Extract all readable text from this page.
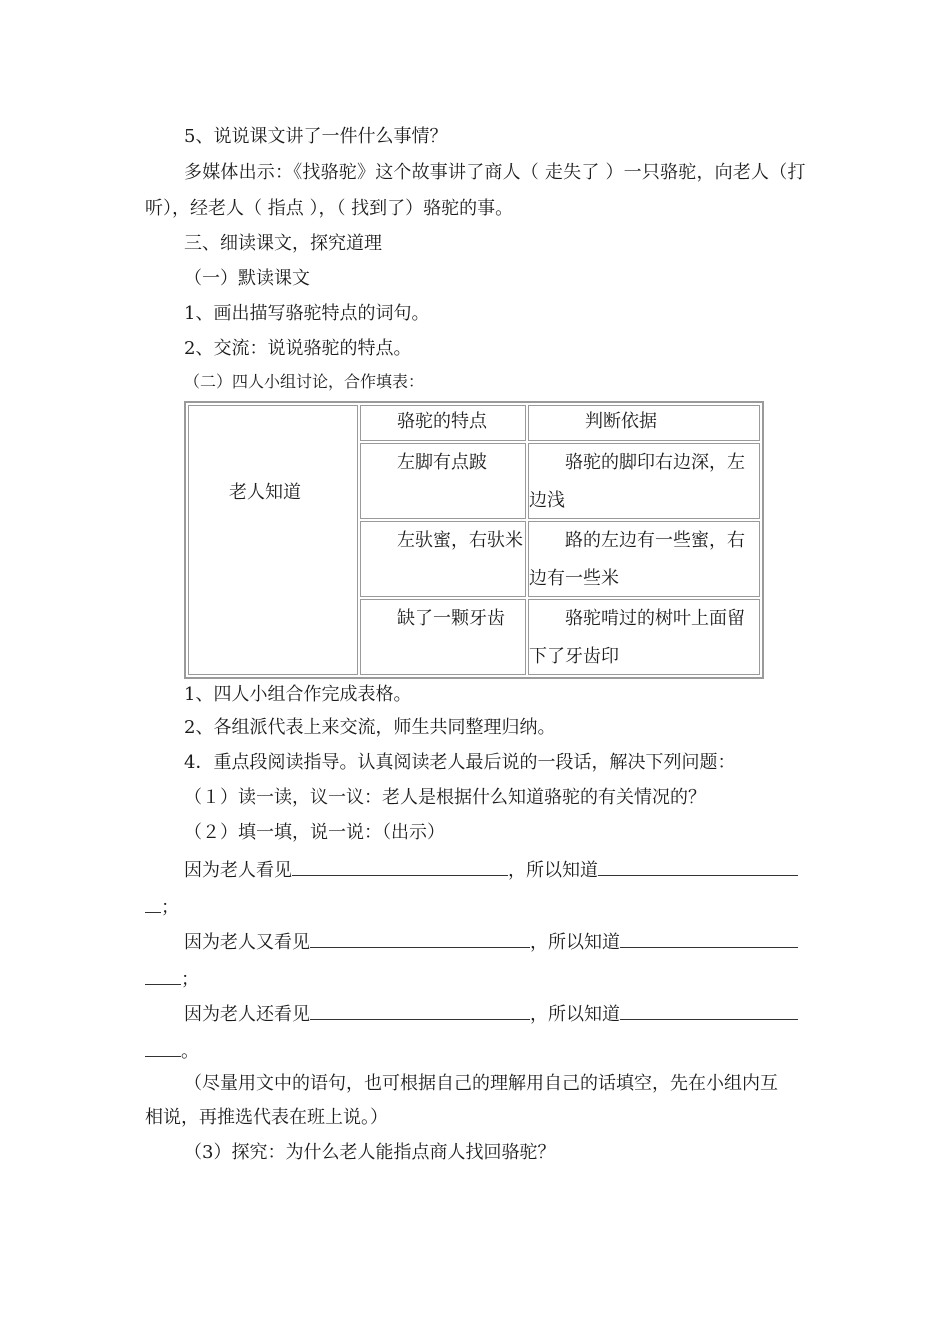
5、说说课文讲了一件什么事情？
多媒体出示：《找骆驼》这个故事讲了商人（ 走失了 ）一只骆驼，向老人（打
听），经老人（ 指点 ），（ 找到了）骆驼的事。
三、细读课文，探究道理
（一）默读课文
1、画出描写骆驼特点的词句。
2、交流：说说骆驼的特点。
（二）四人小组讨论，合作填表：
老人知道
骆驼的特点	判断依据
左脚有点跛	骆驼的脚印右边深，左
边浅
左驮蜜，右驮米	路的左边有一些蜜，右
边有一些米
缺了一颗牙齿	骆驼啃过的树叶上面留
下了牙齿印
1、四人小组合作完成表格。
2、各组派代表上来交流，师生共同整理归纳。
4．重点段阅读指导。认真阅读老人最后说的一段话，解决下列问题：
（１）读一读，议一议：老人是根据什么知道骆驼的有关情况的？
（２）填一填，说一说：（出示）
因为老人看见	，所以知道
；
因为老人又看见	，所以知道
；
因为老人还看见	，所以知道
。
（尽量用文中的语句，也可根据自己的理解用自己的话填空，先在小组内互
相说，再推选代表在班上说。）
（3）探究：为什么老人能指点商人找回骆驼？
